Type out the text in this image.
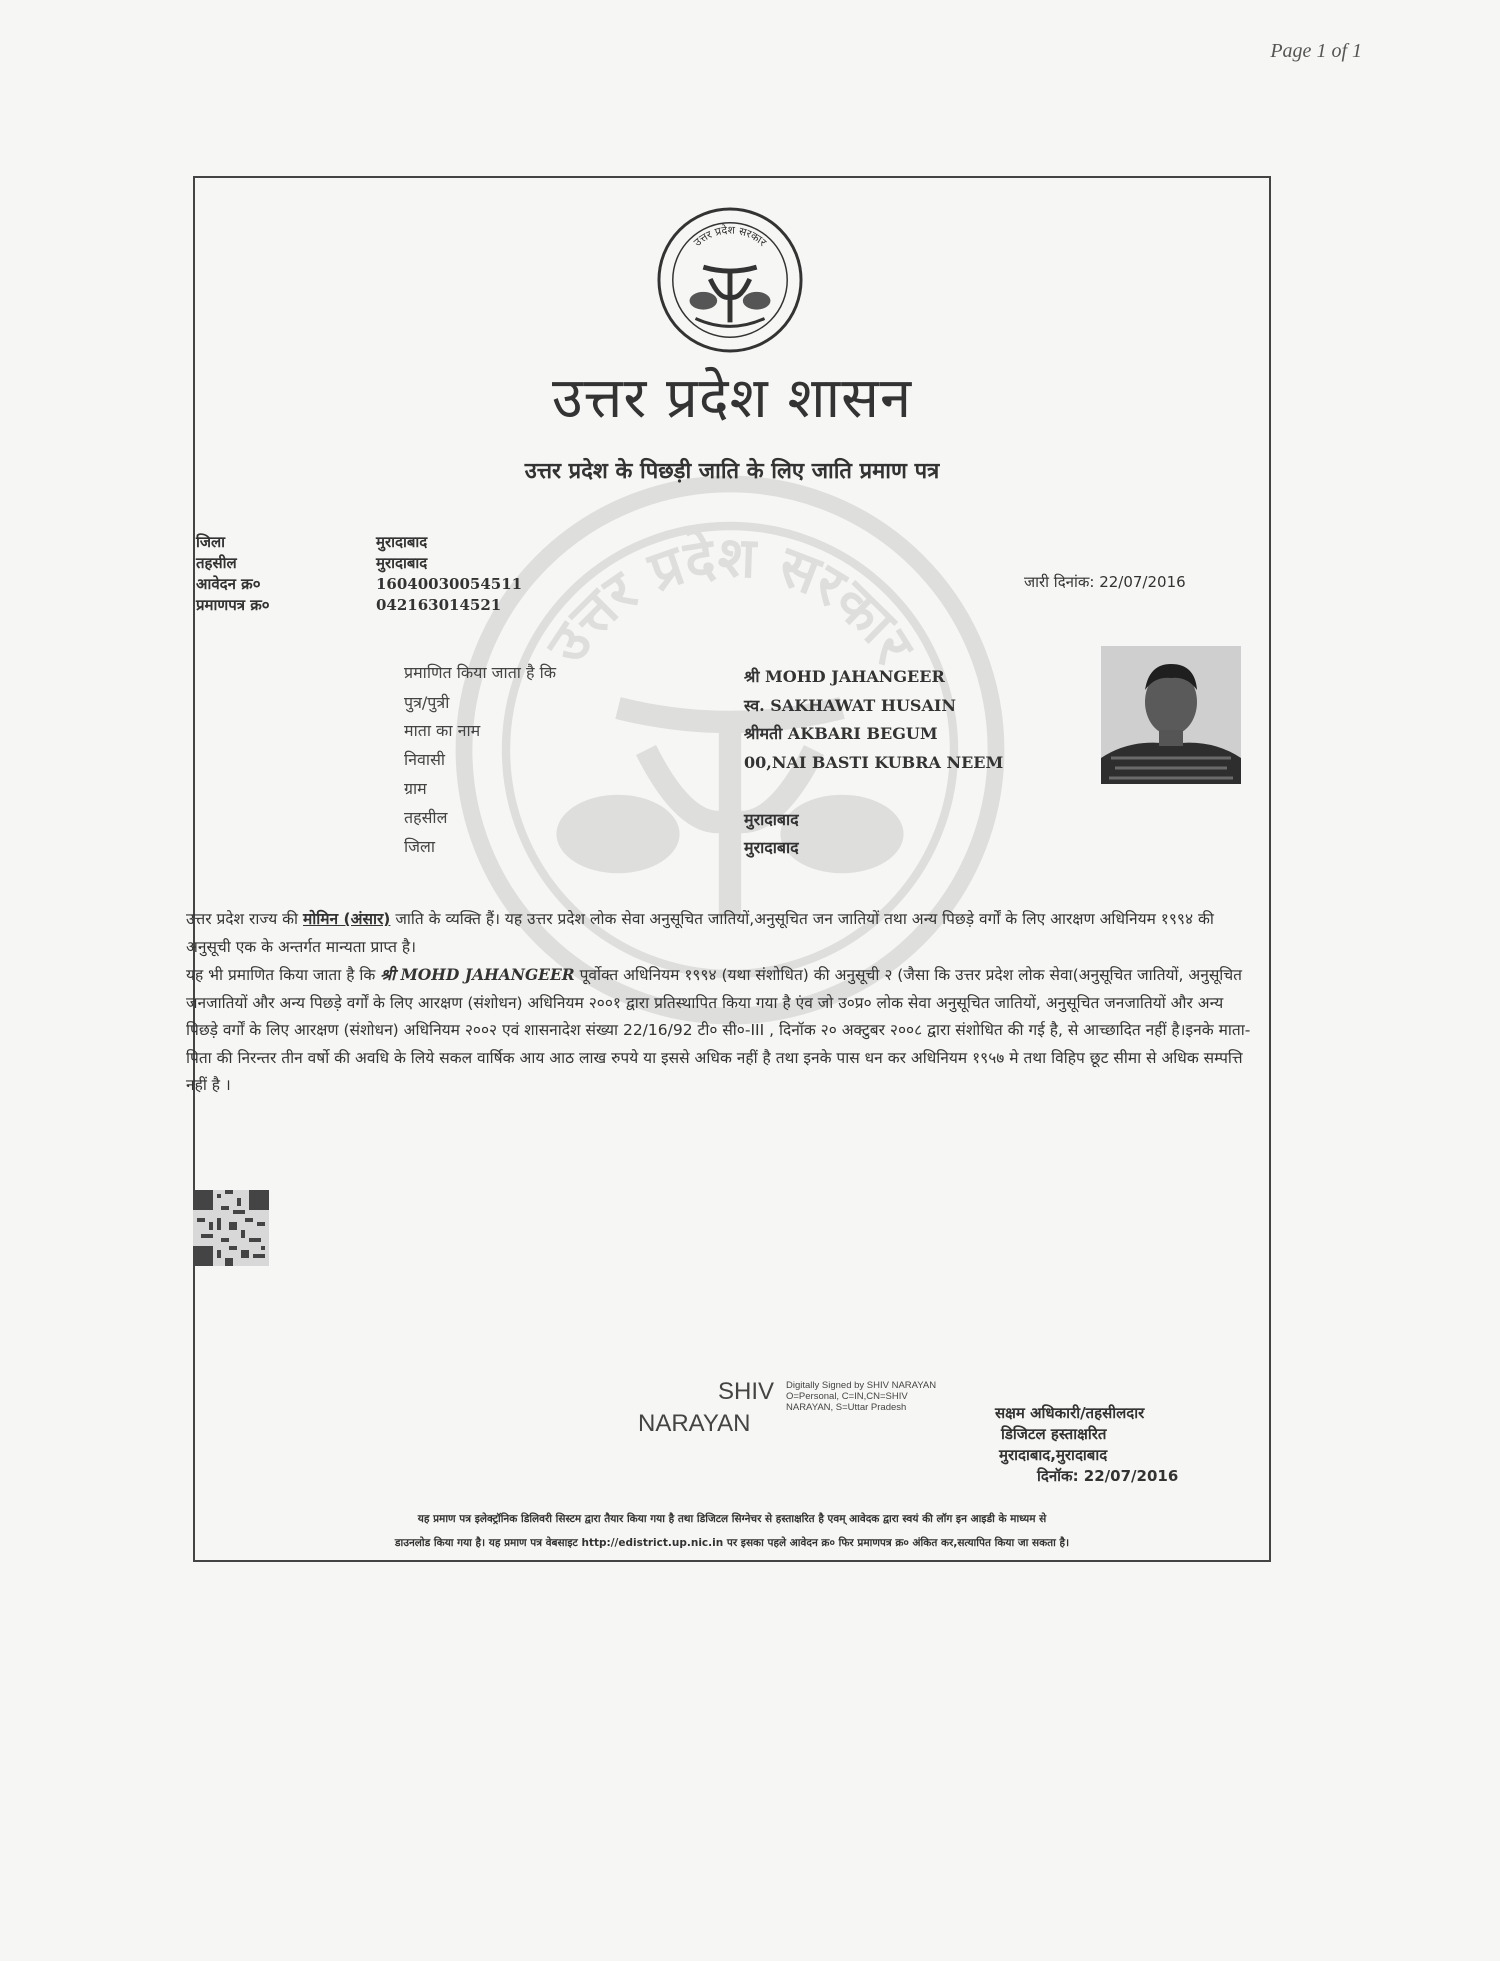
Page 1 of 1
उत्तर प्रदेश सरकार
उत्तर प्रदेश सरकार
उत्तर प्रदेश शासन
उत्तर प्रदेश के पिछड़ी जाति के लिए जाति प्रमाण पत्र
जिला
तहसील
आवेदन क्र०
प्रमाणपत्र क्र०
मुरादाबाद
मुरादाबाद
16040030054511
042163014521
जारी दिनांक: 22/07/2016
प्रमाणित किया जाता है कि
पुत्र/पुत्री
माता का नाम
निवासी
ग्राम
तहसील
जिला
श्री MOHD JAHANGEER
स्व. SAKHAWAT HUSAIN
श्रीमती AKBARI BEGUM
00,NAI BASTI KUBRA NEEM
मुरादाबाद
मुरादाबाद

उत्तर प्रदेश राज्य की मोमिन (अंसार) जाति के व्यक्ति हैं। यह उत्तर प्रदेश लोक सेवा अनुसूचित जातियों,अनुसूचित जन जातियों तथा अन्य पिछड़े वर्गों के लिए आरक्षण अधिनियम १९९४ की अनुसूची एक के अन्तर्गत मान्यता प्राप्त है।

यह भी प्रमाणित किया जाता है कि श्री MOHD JAHANGEER पूर्वोक्त अधिनियम १९९४ (यथा संशोधित) की अनुसूची २ (जैसा कि उत्तर प्रदेश लोक सेवा(अनुसूचित जातियों, अनुसूचित जनजातियों और अन्य पिछड़े वर्गों के लिए आरक्षण (संशोधन) अधिनियम २००१ द्वारा प्रतिस्थापित किया गया है एंव जो उ०प्र० लोक सेवा अनुसूचित जातियों, अनुसूचित जनजातियों और अन्य पिछड़े वर्गों के लिए आरक्षण (संशोधन) अधिनियम २००२ एवं शासनादेश संख्या 22/16/92 टी० सी०-III , दिनॉक २० अक्टुबर २००८ द्वारा संशोधित की गई है, से आच्छादित नहीं है।इनके माता-पिता की निरन्तर तीन वर्षो की अवधि के लिये सकल वार्षिक आय आठ लाख रुपये या इससे अधिक नहीं है तथा इनके पास धन कर अधिनियम १९५७ मे तथा विहिप छूट सीमा से अधिक सम्पत्ति नहीं है ।

SHIV
NARAYAN
Digitally Signed by SHIV NARAYAN O=Personal, C=IN,CN=SHIV NARAYAN, S=Uttar Pradesh	सक्षम अधिकारी/तहसीलदार
डिजिटल हस्ताक्षरित
मुरादाबाद,मुरादाबाद
दिनॉक: 22/07/2016
यह प्रमाण पत्र इलेक्ट्रॉनिक डिलिवरी सिस्टम द्वारा तैयार किया गया है तथा डिजिटल सिग्नेचर से हस्ताक्षरित है एवम् आवेदक द्वारा स्वयं की लॉग इन आइडी के माध्यम से
डाउनलोड किया गया है। यह प्रमाण पत्र वेबसाइट http://edistrict.up.nic.in पर इसका पहले आवेदन क्र० फिर प्रमाणपत्र क्र० अंकित कर,सत्यापित किया जा सकता है।
